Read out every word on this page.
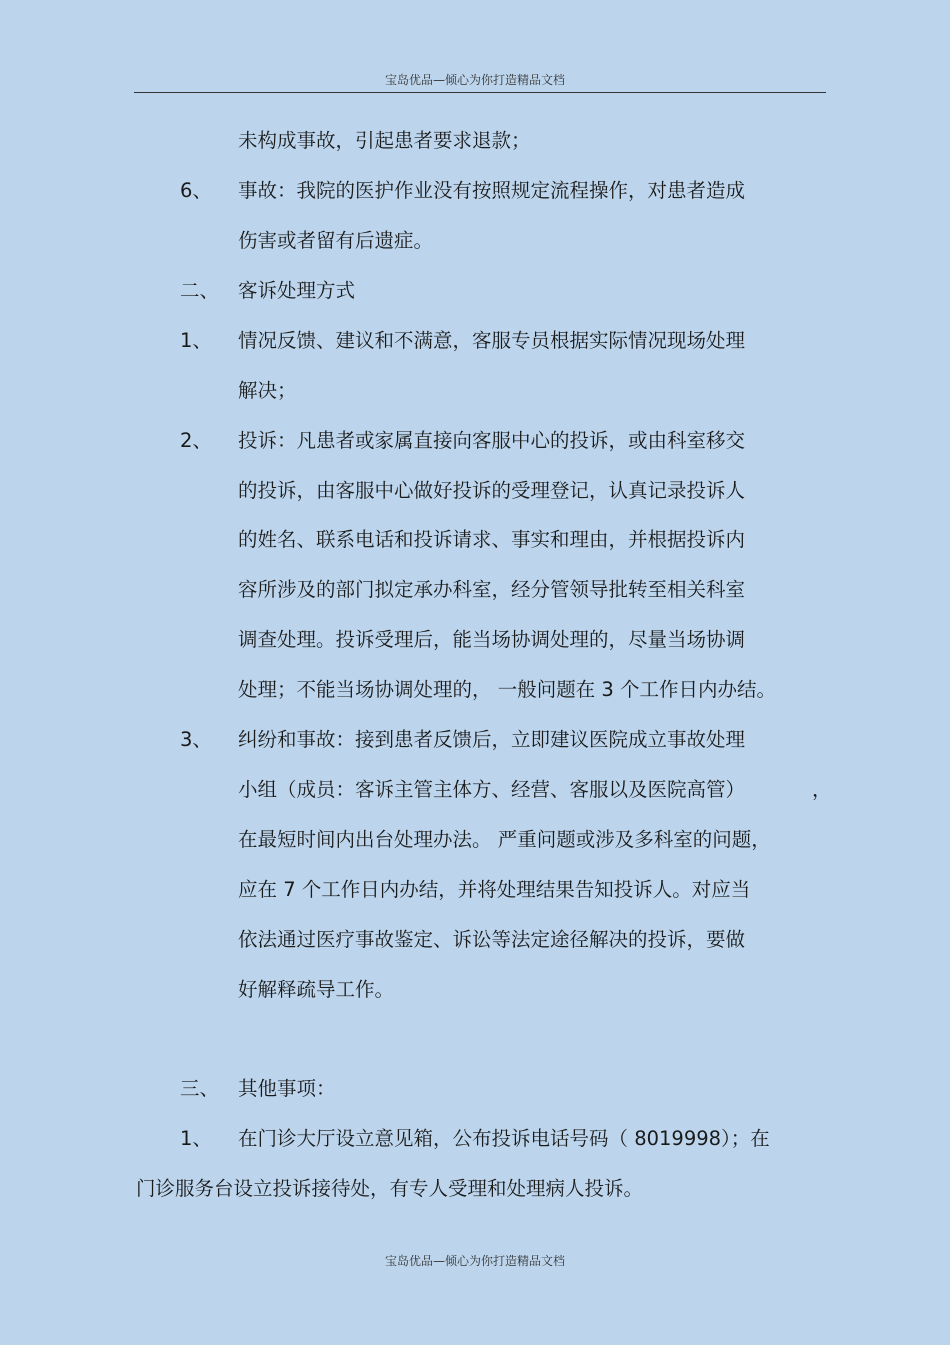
宝岛优品—倾心为你打造精品文档
未构成事故，引起患者要求退款；
6、 事故：我院的医护作业没有按照规定流程操作，对患者造成
伤害或者留有后遗症。
二、 客诉处理方式
1、 情况反馈、建议和不满意，客服专员根据实际情况现场处理
解决；
2、 投诉：凡患者或家属直接向客服中心的投诉，或由科室移交
的投诉，由客服中心做好投诉的受理登记，认真记录投诉人
的姓名、联系电话和投诉请求、事实和理由，并根据投诉内
容所涉及的部门拟定承办科室，经分管领导批转至相关科室
调查处理。投诉受理后，能当场协调处理的，尽量当场协调
处理；不能当场协调处理的， 一般问题在 3 个工作日内办结。
3、 纠纷和事故：接到患者反馈后，立即建议医院成立事故处理
小组（成员：客诉主管主体方、经营、客服以及医院高管）	，
在最短时间内出台处理办法。 严重问题或涉及多科室的问题，
应在 7 个工作日内办结，并将处理结果告知投诉人。对应当
依法通过医疗事故鉴定、诉讼等法定途径解决的投诉，要做
好解释疏导工作。
三、 其他事项：
1、 在门诊大厅设立意见箱，公布投诉电话号码（ 8019998）；在
门诊服务台设立投诉接待处，有专人受理和处理病人投诉。
宝岛优品—倾心为你打造精品文档
